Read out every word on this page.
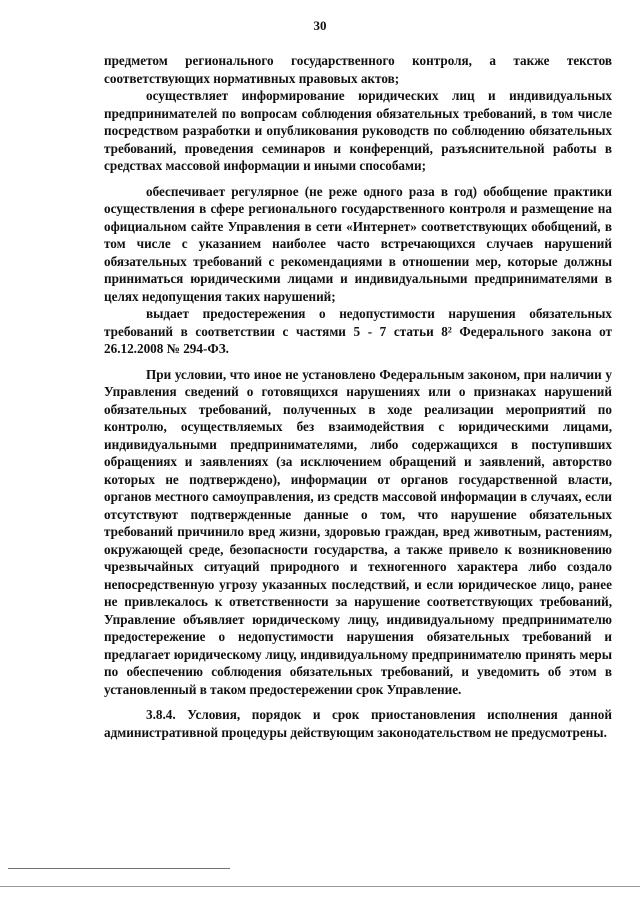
30

предметом регионального государственного контроля, а также текстов соответствующих нормативных правовых актов;

осуществляет информирование юридических лиц и индивидуальных предпринимателей по вопросам соблюдения обязательных требований, в том числе посредством разработки и опубликования руководств по соблюдению обязательных требований, проведения семинаров и конференций, разъяснительной работы в средствах массовой информации и иными способами;

обеспечивает регулярное (не реже одного раза в год) обобщение практики осуществления в сфере регионального государственного контроля и размещение на официальном сайте Управления в сети «Интернет» соответствующих обобщений, в том числе с указанием наиболее часто встречающихся случаев нарушений обязательных требований с рекомендациями в отношении мер, которые должны приниматься юридическими лицами и индивидуальными предпринимателями в целях недопущения таких нарушений;

выдает предостережения о недопустимости нарушения обязательных требований в соответствии с частями 5 - 7 статьи 8² Федерального закона от 26.12.2008 № 294-ФЗ.

При условии, что иное не установлено Федеральным законом, при наличии у Управления сведений о готовящихся нарушениях или о признаках нарушений обязательных требований, полученных в ходе реализации мероприятий по контролю, осуществляемых без взаимодействия с юридическими лицами, индивидуальными предпринимателями, либо содержащихся в поступивших обращениях и заявлениях (за исключением обращений и заявлений, авторство которых не подтверждено), информации от органов государственной власти, органов местного самоуправления, из средств массовой информации в случаях, если отсутствуют подтвержденные данные о том, что нарушение обязательных требований причинило вред жизни, здоровью граждан, вред животным, растениям, окружающей среде, безопасности государства, а также привело к возникновению чрезвычайных ситуаций природного и техногенного характера либо создало непосредственную угрозу указанных последствий, и если юридическое лицо, ранее не привлекалось к ответственности за нарушение соответствующих требований, Управление объявляет юридическому лицу, индивидуальному предпринимателю предостережение о недопустимости нарушения обязательных требований и предлагает юридическому лицу, индивидуальному предпринимателю принять меры по обеспечению соблюдения обязательных требований, и уведомить об этом в установленный в таком предостережении срок Управление.

3.8.4. Условия, порядок и срок приостановления исполнения данной административной процедуры действующим законодательством не предусмотрены.
